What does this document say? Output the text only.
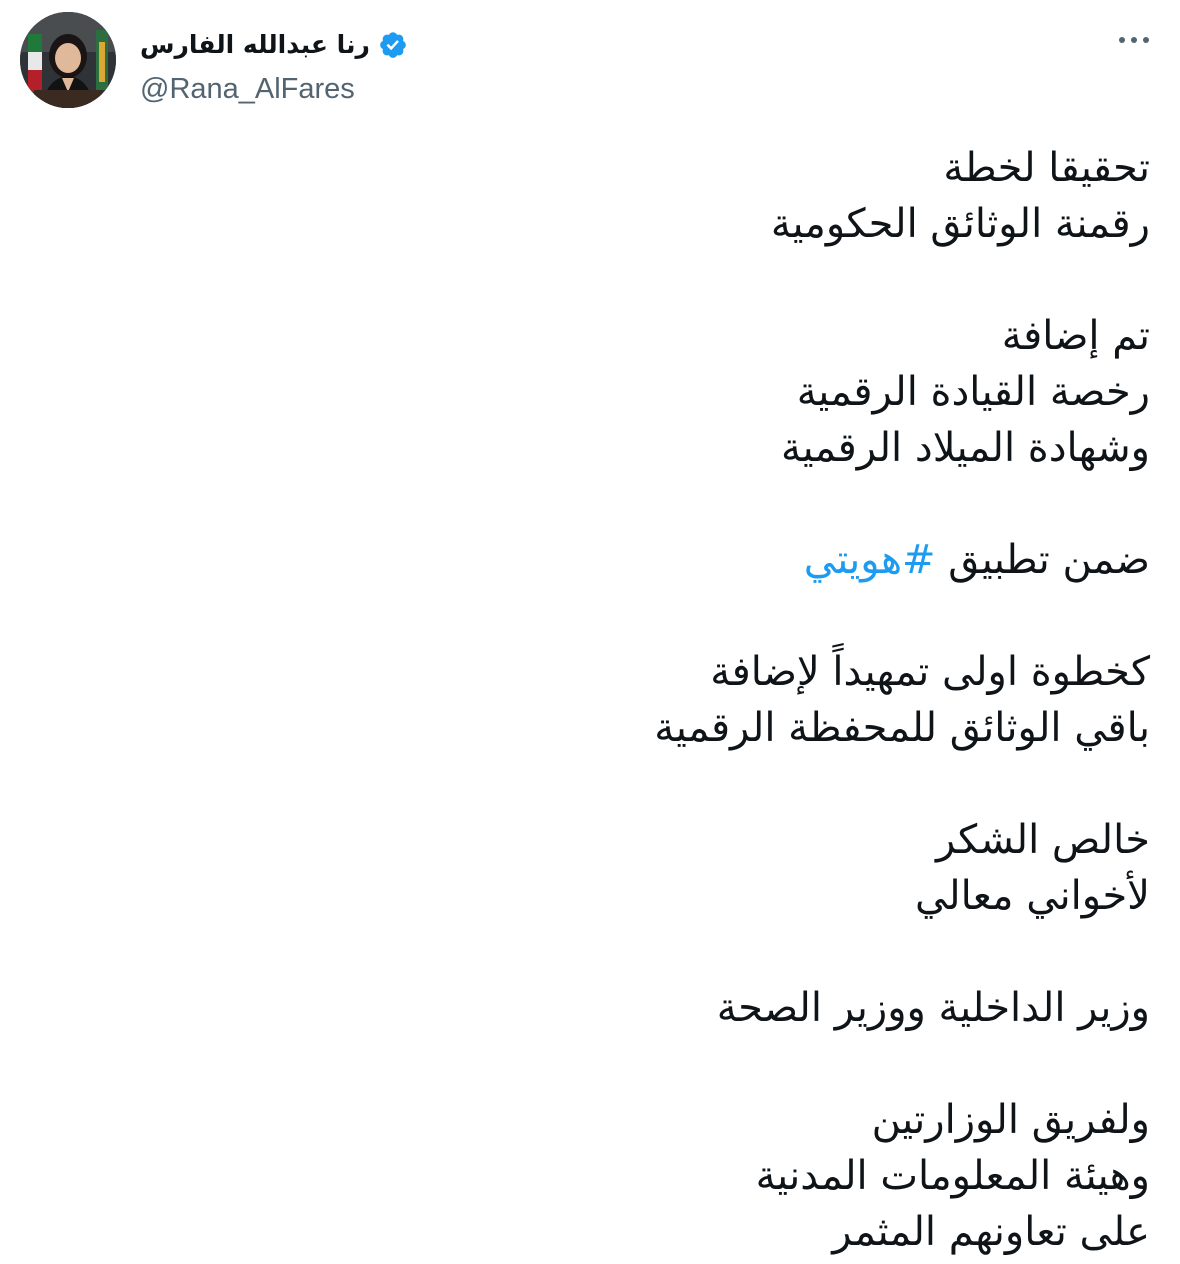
رنا عبدالله الفارس
@Rana_AlFares
تحقيقا لخطة
رقمنة الوثائق الحكومية
تم إضافة
رخصة القيادة الرقمية
وشهادة الميلاد الرقمية
ضمن تطبيق #هويتي
كخطوة اولى تمهيداً لإضافة
باقي الوثائق للمحفظة الرقمية
خالص الشكر
لأخواني معالي
وزير الداخلية ووزير الصحة
ولفريق الوزارتين
وهيئة المعلومات المدنية
على تعاونهم المثمر
